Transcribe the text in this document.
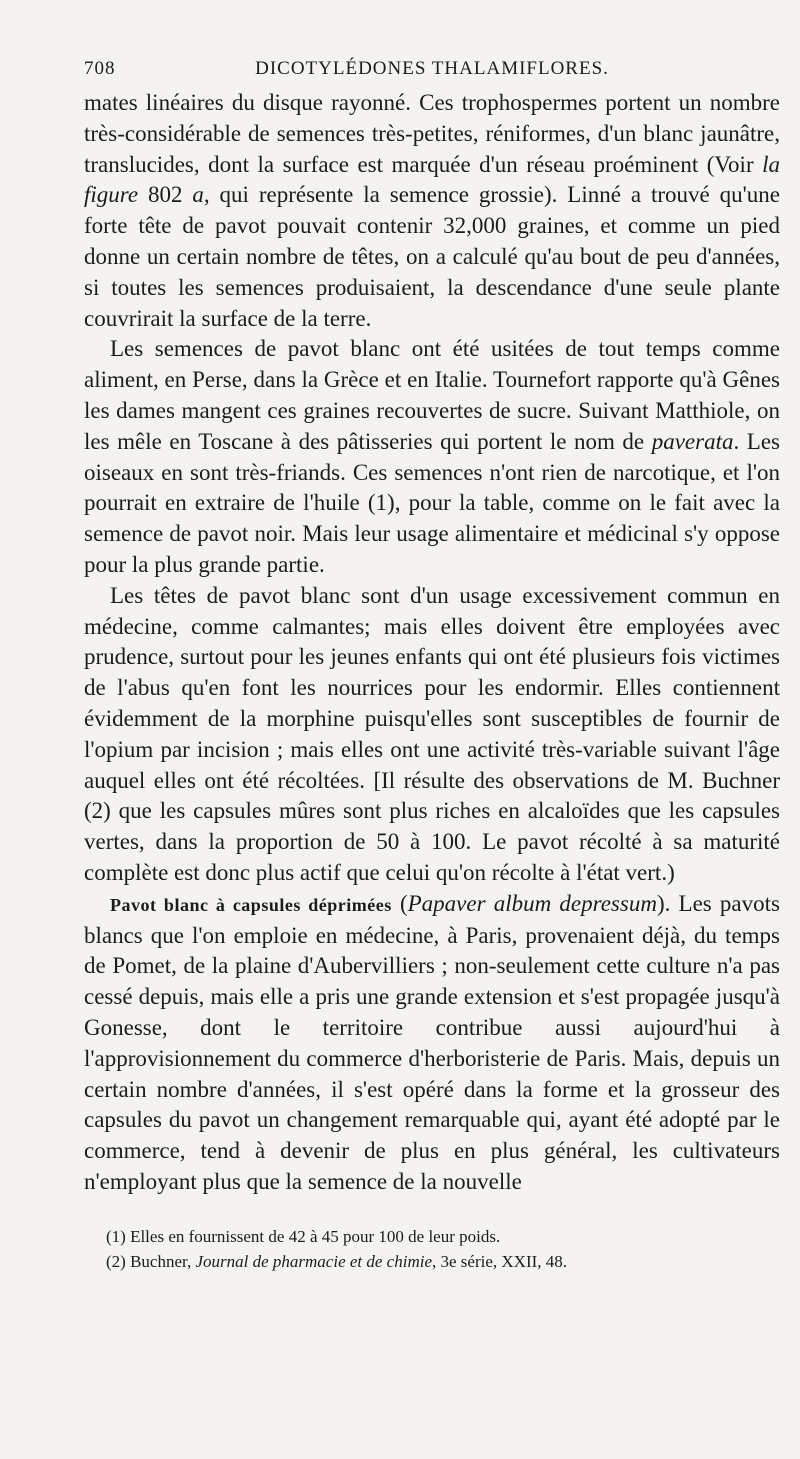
708	DICOTYLÉDONES THALAMIFLORES.

mates linéaires du disque rayonné. Ces trophospermes portent un nombre très-considérable de semences très-petites, réniformes, d'un blanc jaunâtre, translucides, dont la surface est marquée d'un réseau proéminent (Voir la figure 802 a, qui représente la semence grossie). Linné a trouvé qu'une forte tête de pavot pouvait contenir 32,000 graines, et comme un pied donne un certain nombre de têtes, on a calculé qu'au bout de peu d'années, si toutes les semences produisaient, la descendance d'une seule plante couvrirait la surface de la terre.

Les semences de pavot blanc ont été usitées de tout temps comme aliment, en Perse, dans la Grèce et en Italie. Tournefort rapporte qu'à Gênes les dames mangent ces graines recouvertes de sucre. Suivant Matthiole, on les mêle en Toscane à des pâtisseries qui portent le nom de paverata. Les oiseaux en sont très-friands. Ces semences n'ont rien de narcotique, et l'on pourrait en extraire de l'huile (1), pour la table, comme on le fait avec la semence de pavot noir. Mais leur usage alimentaire et médicinal s'y oppose pour la plus grande partie.

Les têtes de pavot blanc sont d'un usage excessivement commun en médecine, comme calmantes; mais elles doivent être employées avec prudence, surtout pour les jeunes enfants qui ont été plusieurs fois victimes de l'abus qu'en font les nourrices pour les endormir. Elles contiennent évidemment de la morphine puisqu'elles sont susceptibles de fournir de l'opium par incision ; mais elles ont une activité très-variable suivant l'âge auquel elles ont été récoltées. [Il résulte des observations de M. Buchner (2) que les capsules mûres sont plus riches en alcaloïdes que les capsules vertes, dans la proportion de 50 à 100. Le pavot récolté à sa maturité complète est donc plus actif que celui qu'on récolte à l'état vert.)

Pavot blanc à capsules déprimées (Papaver album depressum). Les pavots blancs que l'on emploie en médecine, à Paris, provenaient déjà, du temps de Pomet, de la plaine d'Aubervilliers ; non-seulement cette culture n'a pas cessé depuis, mais elle a pris une grande extension et s'est propagée jusqu'à Gonesse, dont le territoire contribue aussi aujourd'hui à l'approvisionnement du commerce d'herboristerie de Paris. Mais, depuis un certain nombre d'années, il s'est opéré dans la forme et la grosseur des capsules du pavot un changement remarquable qui, ayant été adopté par le commerce, tend à devenir de plus en plus général, les cultivateurs n'employant plus que la semence de la nouvelle

(1) Elles en fournissent de 42 à 45 pour 100 de leur poids.

(2) Buchner, Journal de pharmacie et de chimie, 3e série, XXII, 48.
